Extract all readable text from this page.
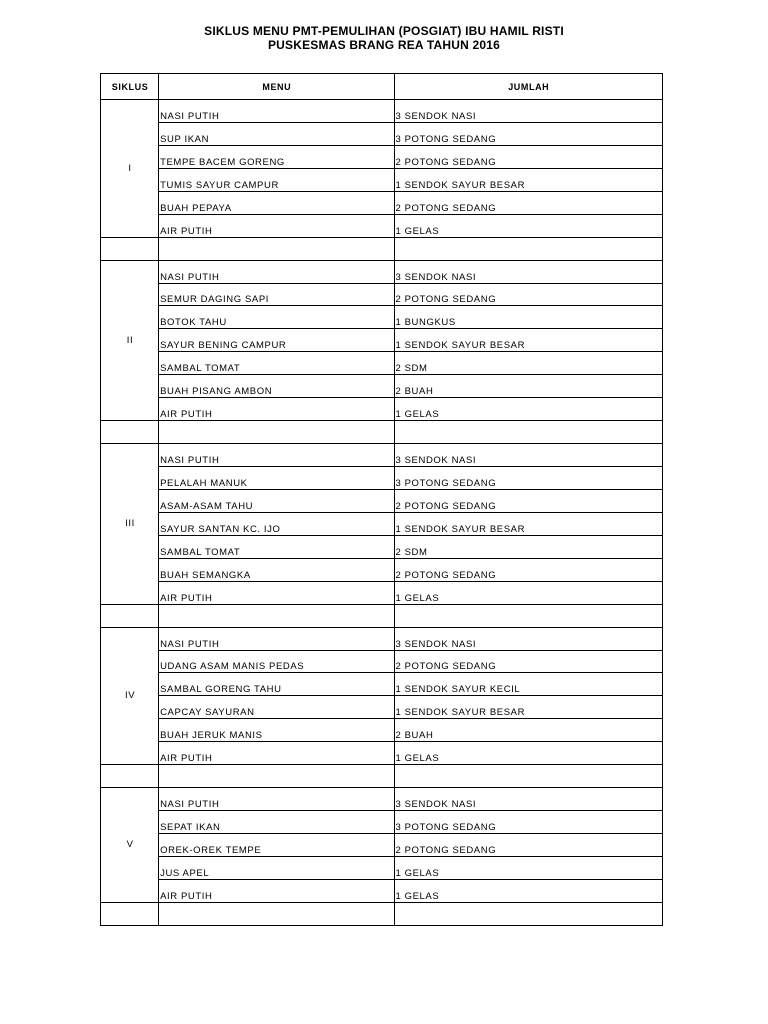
SIKLUS MENU PMT-PEMULIHAN (POSGIAT) IBU HAMIL RISTI
PUSKESMAS BRANG REA TAHUN 2016
SIKLUS	MENU	JUMLAH
I	NASI PUTIH	3 SENDOK NASI
	SUP IKAN	3 POTONG SEDANG
	TEMPE BACEM GORENG	2 POTONG SEDANG
	TUMIS SAYUR CAMPUR	1 SENDOK SAYUR BESAR
	BUAH PEPAYA	2 POTONG SEDANG
	AIR PUTIH	1 GELAS

II	NASI PUTIH	3 SENDOK NASI
	SEMUR DAGING SAPI	2 POTONG SEDANG
	BOTOK TAHU	1 BUNGKUS
	SAYUR BENING CAMPUR	1 SENDOK SAYUR BESAR
	SAMBAL TOMAT	2 SDM
	BUAH PISANG AMBON	2 BUAH
	AIR PUTIH	1 GELAS

III	NASI PUTIH	3 SENDOK NASI
	PELALAH MANUK	3 POTONG SEDANG
	ASAM-ASAM TAHU	2 POTONG SEDANG
	SAYUR SANTAN KC. IJO	1 SENDOK SAYUR BESAR
	SAMBAL TOMAT	2 SDM
	BUAH SEMANGKA	2 POTONG SEDANG
	AIR PUTIH	1 GELAS

IV	NASI PUTIH	3 SENDOK NASI
	UDANG ASAM MANIS PEDAS	2 POTONG SEDANG
	SAMBAL GORENG TAHU	1 SENDOK SAYUR KECIL
	CAPCAY SAYURAN	1 SENDOK SAYUR BESAR
	BUAH JERUK MANIS	2 BUAH
	AIR PUTIH	1 GELAS

V	NASI PUTIH	3 SENDOK NASI
	SEPAT IKAN	3 POTONG SEDANG
	OREK-OREK TEMPE	2 POTONG SEDANG
	JUS APEL	1 GELAS
	AIR PUTIH	1 GELAS
